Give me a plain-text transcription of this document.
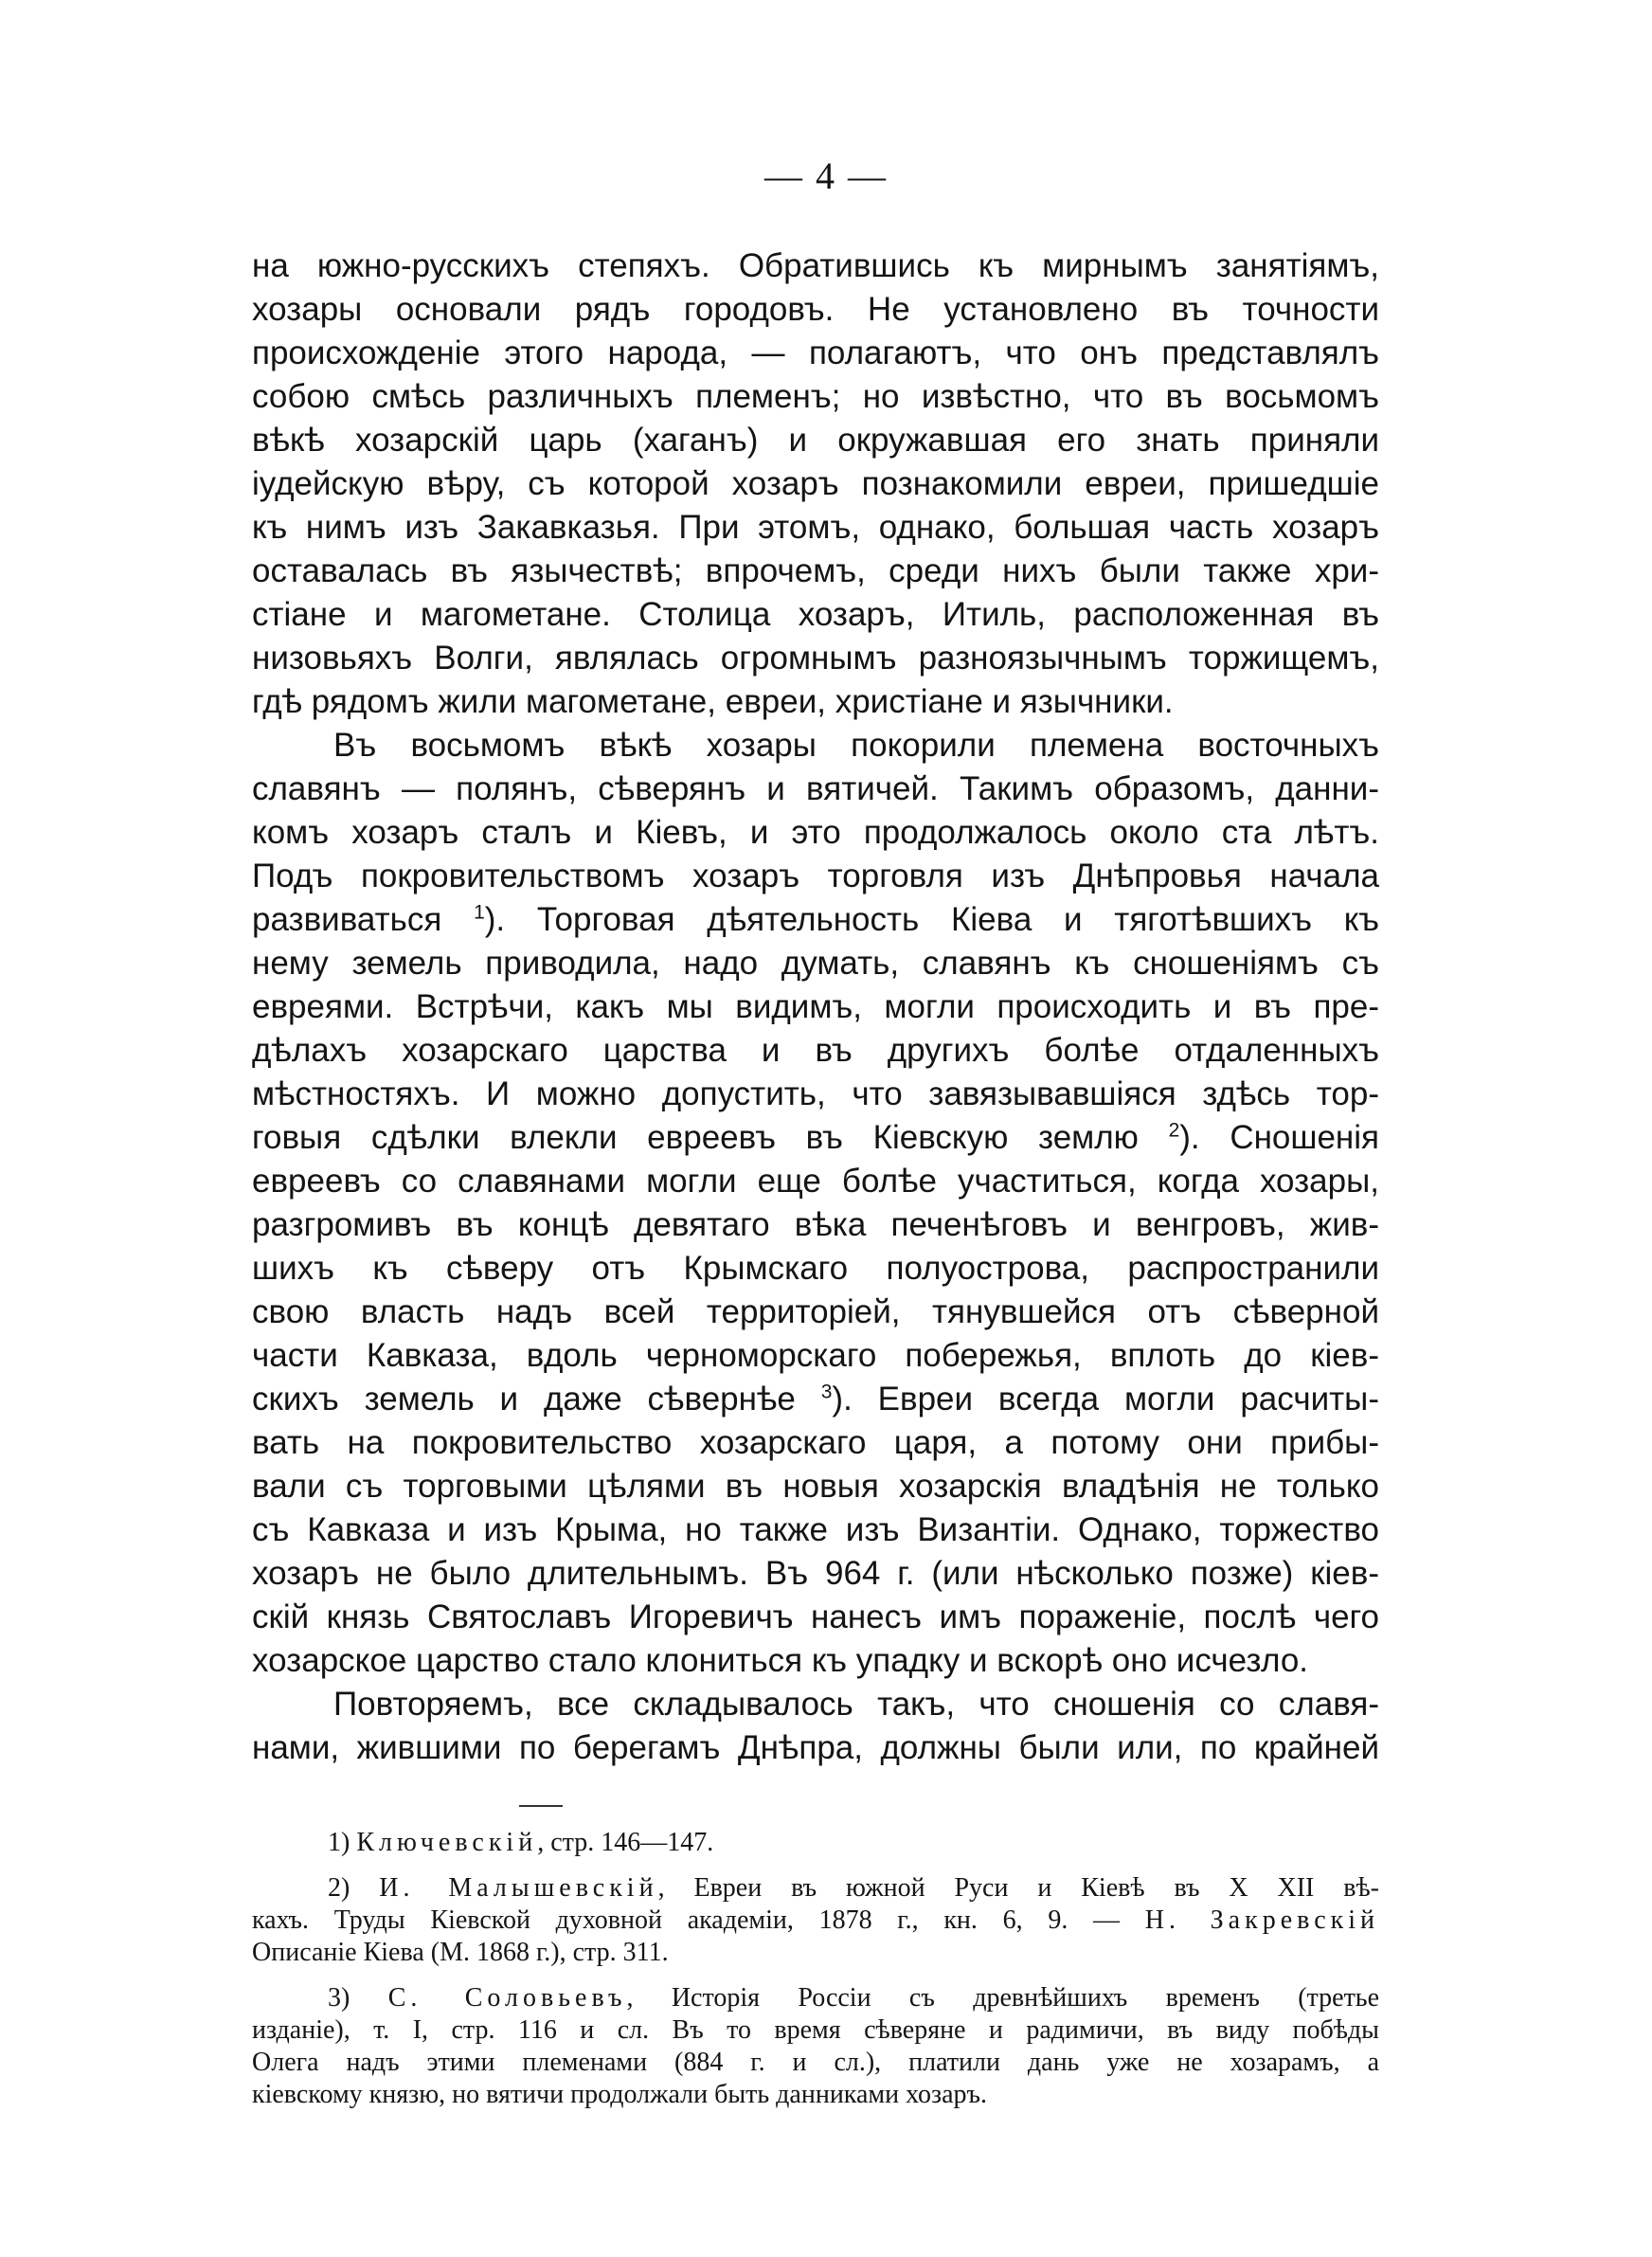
— 4 —
на южно-русскихъ степяхъ. Обратившись къ мирнымъ занятіямъ,
хозары основали рядъ городовъ. Не установлено въ точности
происхожденіе этого народа, — полагаютъ, что онъ представлялъ
собою смѣсь различныхъ племенъ; но извѣстно, что въ восьмомъ
вѣкѣ хозарскій царь (хаганъ) и окружавшая его знать приняли
іудейскую вѣру, съ которой хозаръ познакомили евреи, пришедшіе
къ нимъ изъ Закавказья. При этомъ, однако, большая часть хозаръ
оставалась въ язычествѣ; впрочемъ, среди нихъ были также хри-
стіане и магометане. Столица хозаръ, Итиль, расположенная въ
низовьяхъ Волги, являлась огромнымъ разноязычнымъ торжищемъ,
гдѣ рядомъ жили магометане, евреи, христiане и язычники.
Въ восьмомъ вѣкѣ хозары покорили племена восточныхъ
славянъ — полянъ, сѣверянъ и вятичей. Такимъ образомъ, данни-
комъ хозаръ сталъ и Кіевъ, и это продолжалось около ста лѣтъ.
Подъ покровительствомъ хозаръ торговля изъ Днѣпровья начала
развиваться $^1$). Торговая дѣятельность Кіева и тяготѣвшихъ къ
нему земель приводила, надо думать, славянъ къ сношеніямъ съ
евреями. Встрѣчи, какъ мы видимъ, могли происходить и въ пре-
дѣлахъ хозарскаго царства и въ другихъ болѣе отдаленныхъ
мѣстностяхъ. И можно допустить, что завязывавшіяся здѣсь тор-
говыя сдѣлки влекли евреевъ въ Кіевскую землю $^2$). Сношенія
евреевъ со славянами могли еще болѣе участиться, когда хозары,
разгромивъ въ концѣ девятаго вѣка печенѣговъ и венгровъ, жив-
шихъ къ сѣверу отъ Крымскаго полуострова, распространили
свою власть надъ всей территоріей, тянувшейся отъ сѣверной
части Кавказа, вдоль черноморскаго побережья, вплоть до кіев-
скихъ земель и даже сѣвернѣе $^3$). Евреи всегда могли расчиты-
вать на покровительство хозарскаго царя, а потому они прибы-
вали съ торговыми цѣлями въ новыя хозарскія владѣнія не только
съ Кавказа и изъ Крыма, но также изъ Византіи. Однако, торжество
хозаръ не было длительнымъ. Въ 964 г. (или нѣсколько позже) кіев-
скій князь Святославъ Игоревичъ нанесъ имъ пораженіе, послѣ чего
хозарское царство стало клониться къ упадку и вскорѣ оно исчезло.
Повторяемъ, все складывалось такъ, что сношенія со славя-
нами, жившими по берегамъ Днѣпра, должны были или, по крайней
1) Ключевскій, стр. 146—147.
2) И. Малышевскій, Евреи въ южной Руси и Кіевѣ въ X XII вѣ-
кахъ. Труды Кіевской духовной академіи, 1878 г., кн. 6, 9. — Н. Закревскій
Описаніе Кіева (М. 1868 г.), стр. 311.
3) С. Соловьевъ, Исторія Россіи съ древнѣйшихъ временъ (третье
изданіе), т. I, стр. 116 и сл. Въ то время сѣверяне и радимичи, въ виду побѣды
Олега надъ этими племенами (884 г. и сл.), платили дань уже не хозарамъ, а
кіевскому князю, но вятичи продолжали быть данниками хозаръ.
